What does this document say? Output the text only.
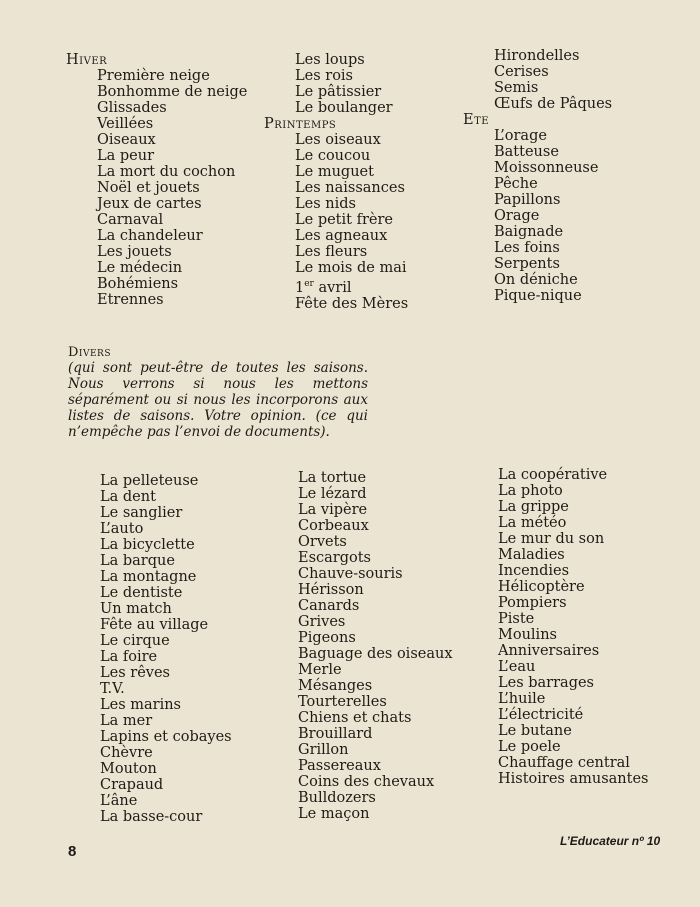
Hiver
Première neige
Bonhomme de neige
Glissades
Veillées
Oiseaux
La peur
La mort du cochon
Noël et jouets
Jeux de cartes
Carnaval
La chandeleur
Les jouets
Le médecin
Bohémiens
Etrennes
Les loups
Les rois
Le pâtissier
Le boulanger
Printemps
Les oiseaux
Le coucou
Le muguet
Les naissances
Les nids
Le petit frère
Les agneaux
Les fleurs
Le mois de mai
1er avril
Fête des Mères
Hirondelles
Cerises
Semis
Œufs de Pâques
Ete
L’orage
Batteuse
Moissonneuse
Pêche
Papillons
Orage
Baignade
Les foins
Serpents
On déniche
Pique-nique
Divers
(qui sont peut-être de toutes les saisons. Nous verrons si nous les mettons séparément ou si nous les incorporons aux listes de saisons. Votre opinion. (ce qui n’empêche pas l’envoi de documents).
La pelleteuse
La dent
Le sanglier
L’auto
La bicyclette
La barque
La montagne
Le dentiste
Un match
Fête au village
Le cirque
La foire
Les rêves
T.V.
Les marins
La mer
Lapins et cobayes
Chèvre
Mouton
Crapaud
L’âne
La basse-cour
La tortue
Le lézard
La vipère
Corbeaux
Orvets
Escargots
Chauve-souris
Hérisson
Canards
Grives
Pigeons
Baguage des oiseaux
Merle
Mésanges
Tourterelles
Chiens et chats
Brouillard
Grillon
Passereaux
Coins des chevaux
Bulldozers
Le maçon
La coopérative
La photo
La grippe
La météo
Le mur du son
Maladies
Incendies
Hélicoptère
Pompiers
Piste
Moulins
Anniversaires
L’eau
Les barrages
L’huile
L’électricité
Le butane
Le poele
Chauffage central
Histoires amusantes
8
L’Educateur nº 10
